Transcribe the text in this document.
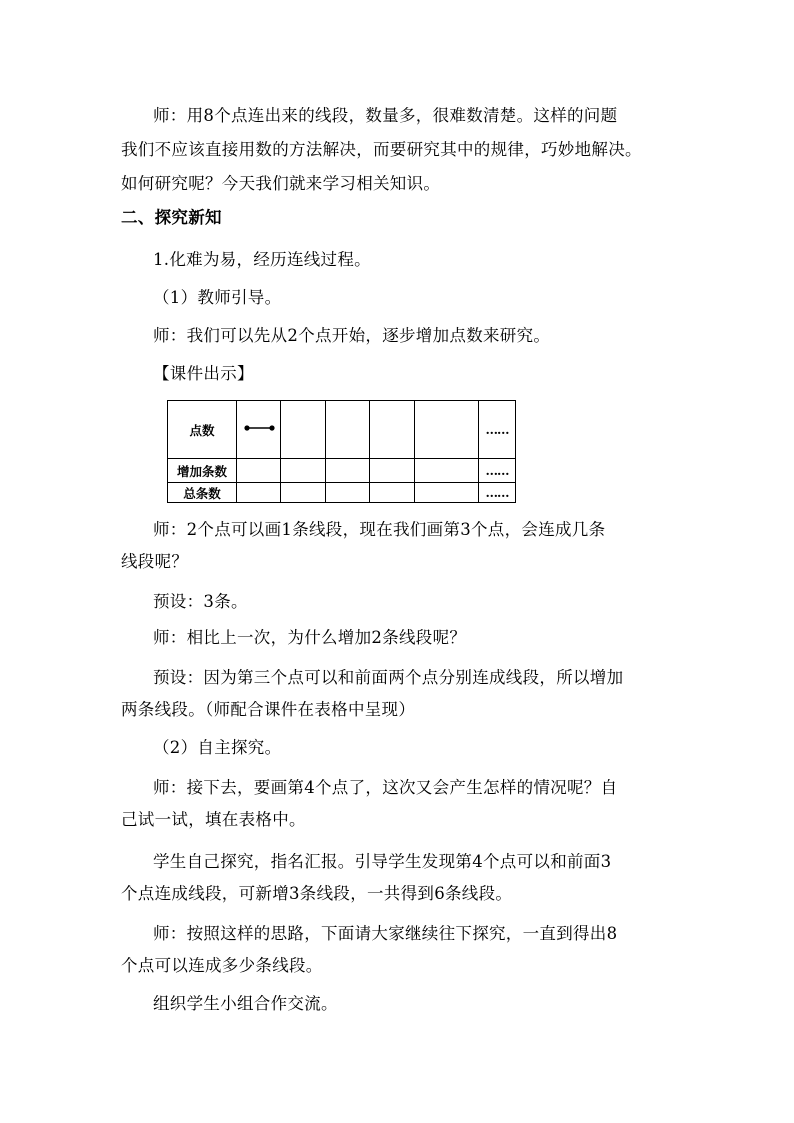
师：用8个点连出来的线段，数量多，很难数清楚。这样的问题

我们不应该直接用数的方法解决，而要研究其中的规律，巧妙地解决。

如何研究呢？今天我们就来学习相关知识。

二、探究新知

1.化难为易，经历连线过程。

（1）教师引导。

师：我们可以先从2个点开始，逐步增加点数来研究。

【课件出示】

点数						……
增加条数						……
总条数						……

师：2个点可以画1条线段，现在我们画第3个点，会连成几条

线段呢？

预设：3条。

师：相比上一次，为什么增加2条线段呢？

预设：因为第三个点可以和前面两个点分别连成线段，所以增加

两条线段。（师配合课件在表格中呈现）

（2）自主探究。

师：接下去，要画第4个点了，这次又会产生怎样的情况呢？自

己试一试，填在表格中。

学生自己探究，指名汇报。引导学生发现第4个点可以和前面3

个点连成线段，可新增3条线段，一共得到6条线段。

师：按照这样的思路，下面请大家继续往下探究，一直到得出8

个点可以连成多少条线段。

组织学生小组合作交流。
